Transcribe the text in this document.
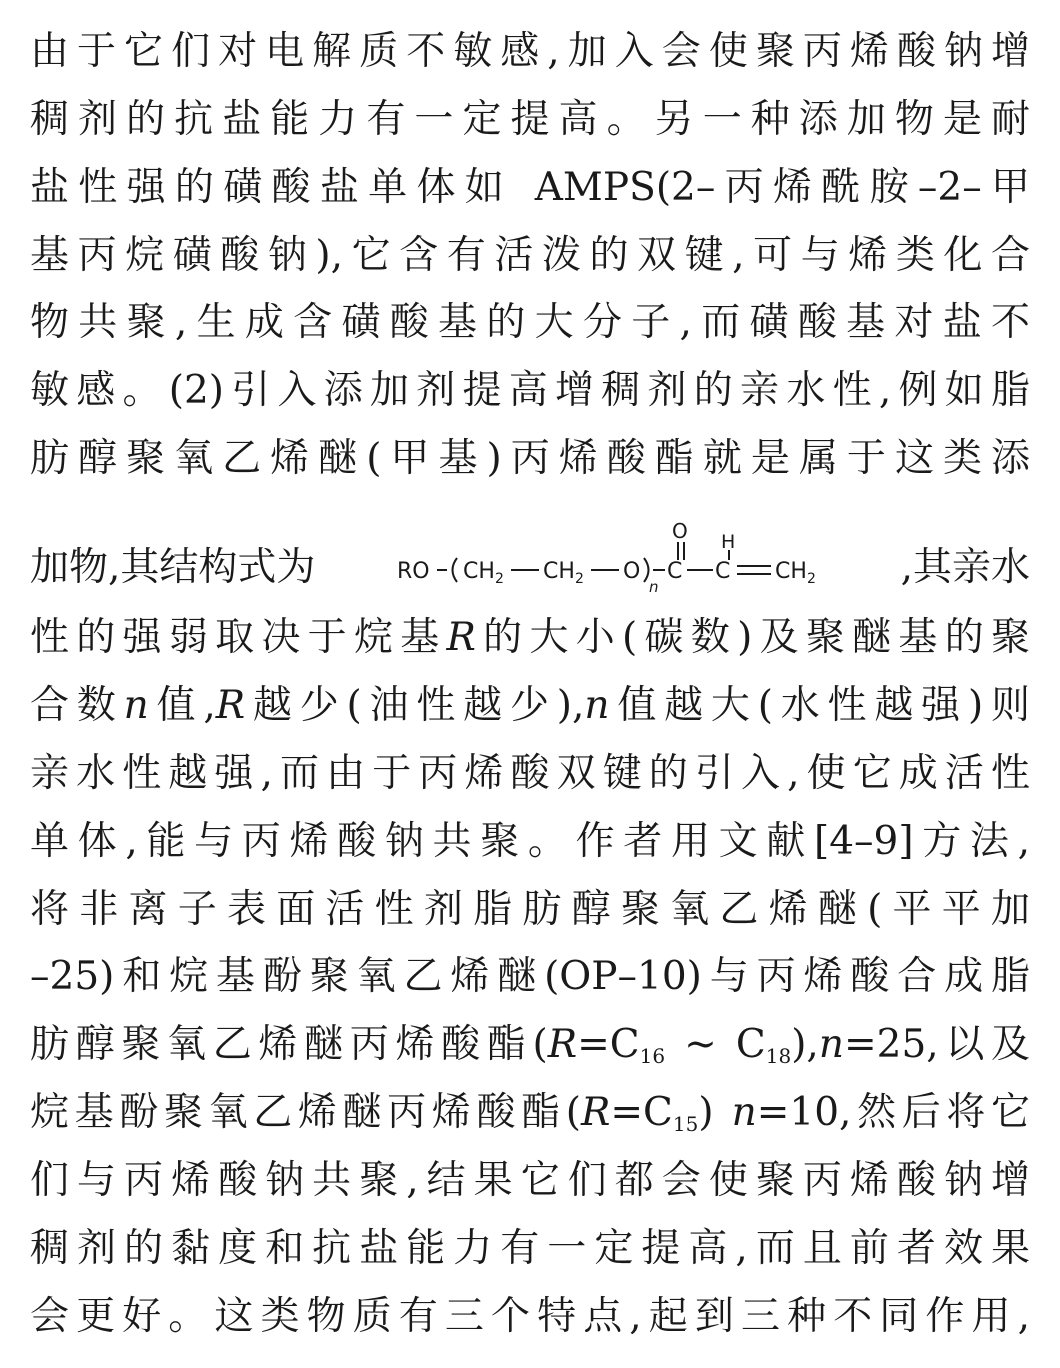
由于它们对电解质不敏感,加入会使聚丙烯酸钠增
稠剂的抗盐能力有一定提高。另一种添加物是耐
盐性强的磺酸盐单体如 AMPS(2–丙烯酰胺–2–甲
基丙烷磺酸钠),它含有活泼的双键,可与烯类化合
物共聚,生成含磺酸基的大分子,而磺酸基对盐不
敏感。(2)引入添加剂提高增稠剂的亲水性,例如脂
肪醇聚氧乙烯醚(甲基)丙烯酸酯就是属于这类添
加物,其结构式为	RO CH 2 CH 2 O
n
C
O
C
H
CH 2 ,其亲水
性的强弱取决于烷基R的大小(碳数)及聚醚基的聚
合数n值,R越少(油性越少),n值越大(水性越强)则
亲水性越强,而由于丙烯酸双键的引入,使它成活性
单体,能与丙烯酸钠共聚。作者用文献[4–9]方法,
将非离子表面活性剂脂肪醇聚氧乙烯醚(平平加
–25)和烷基酚聚氧乙烯醚(OP–10)与丙烯酸合成脂
肪醇聚氧乙烯醚丙烯酸酯($R=C_{16}$ ~ $C_{18}),n=25$,以及
烷基酚聚氧乙烯醚丙烯酸酯$(R=C_{15})$ n=10,然后将它
们与丙烯酸钠共聚,结果它们都会使聚丙烯酸钠增
稠剂的黏度和抗盐能力有一定提高,而且前者效果
会更好。这类物质有三个特点,起到三种不同作用,
